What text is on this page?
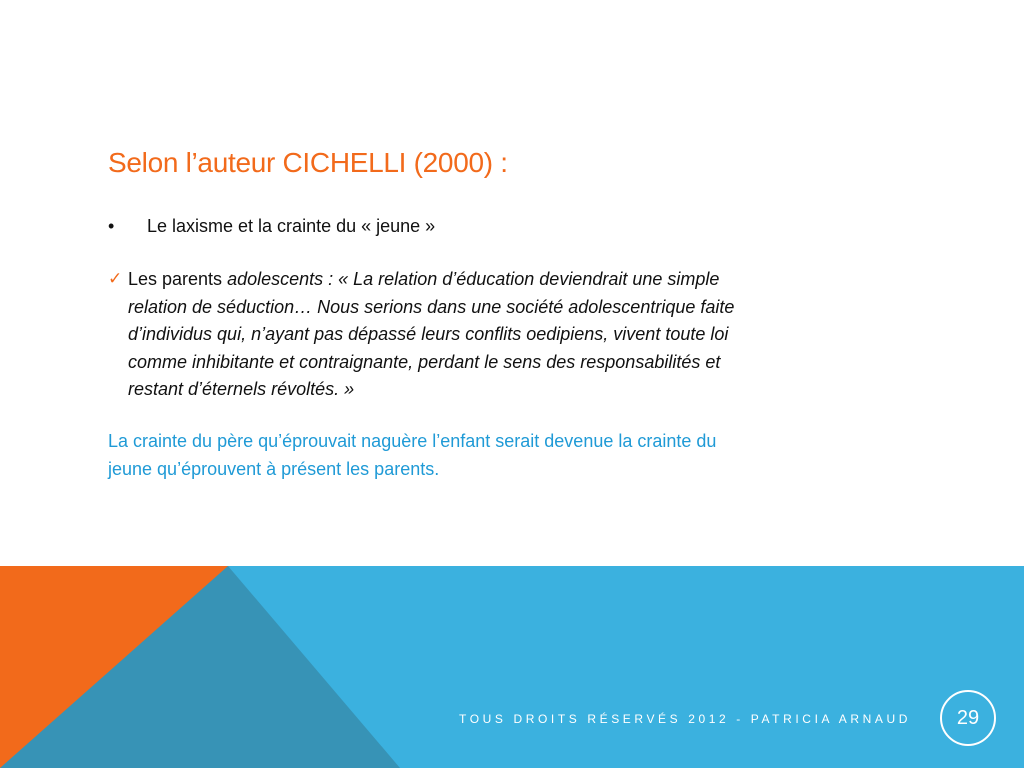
Selon l’auteur CICHELLI (2000) :
• Le laxisme et la crainte du « jeune »
✓ Les parents adolescents : « La relation d’éducation deviendrait une simple
relation de séduction… Nous serions dans une société adolescentrique faite
d’individus qui, n’ayant pas dépassé leurs conflits oedipiens, vivent toute loi
comme inhibitante et contraignante, perdant le sens des responsabilités et
restant d’éternels révoltés. »
La crainte du père qu’éprouvait naguère l’enfant serait devenue la crainte du
jeune qu’éprouvent à présent les parents.
TOUS DROITS RÉSERVÉS 2012 - PATRICIA ARNAUD 29
